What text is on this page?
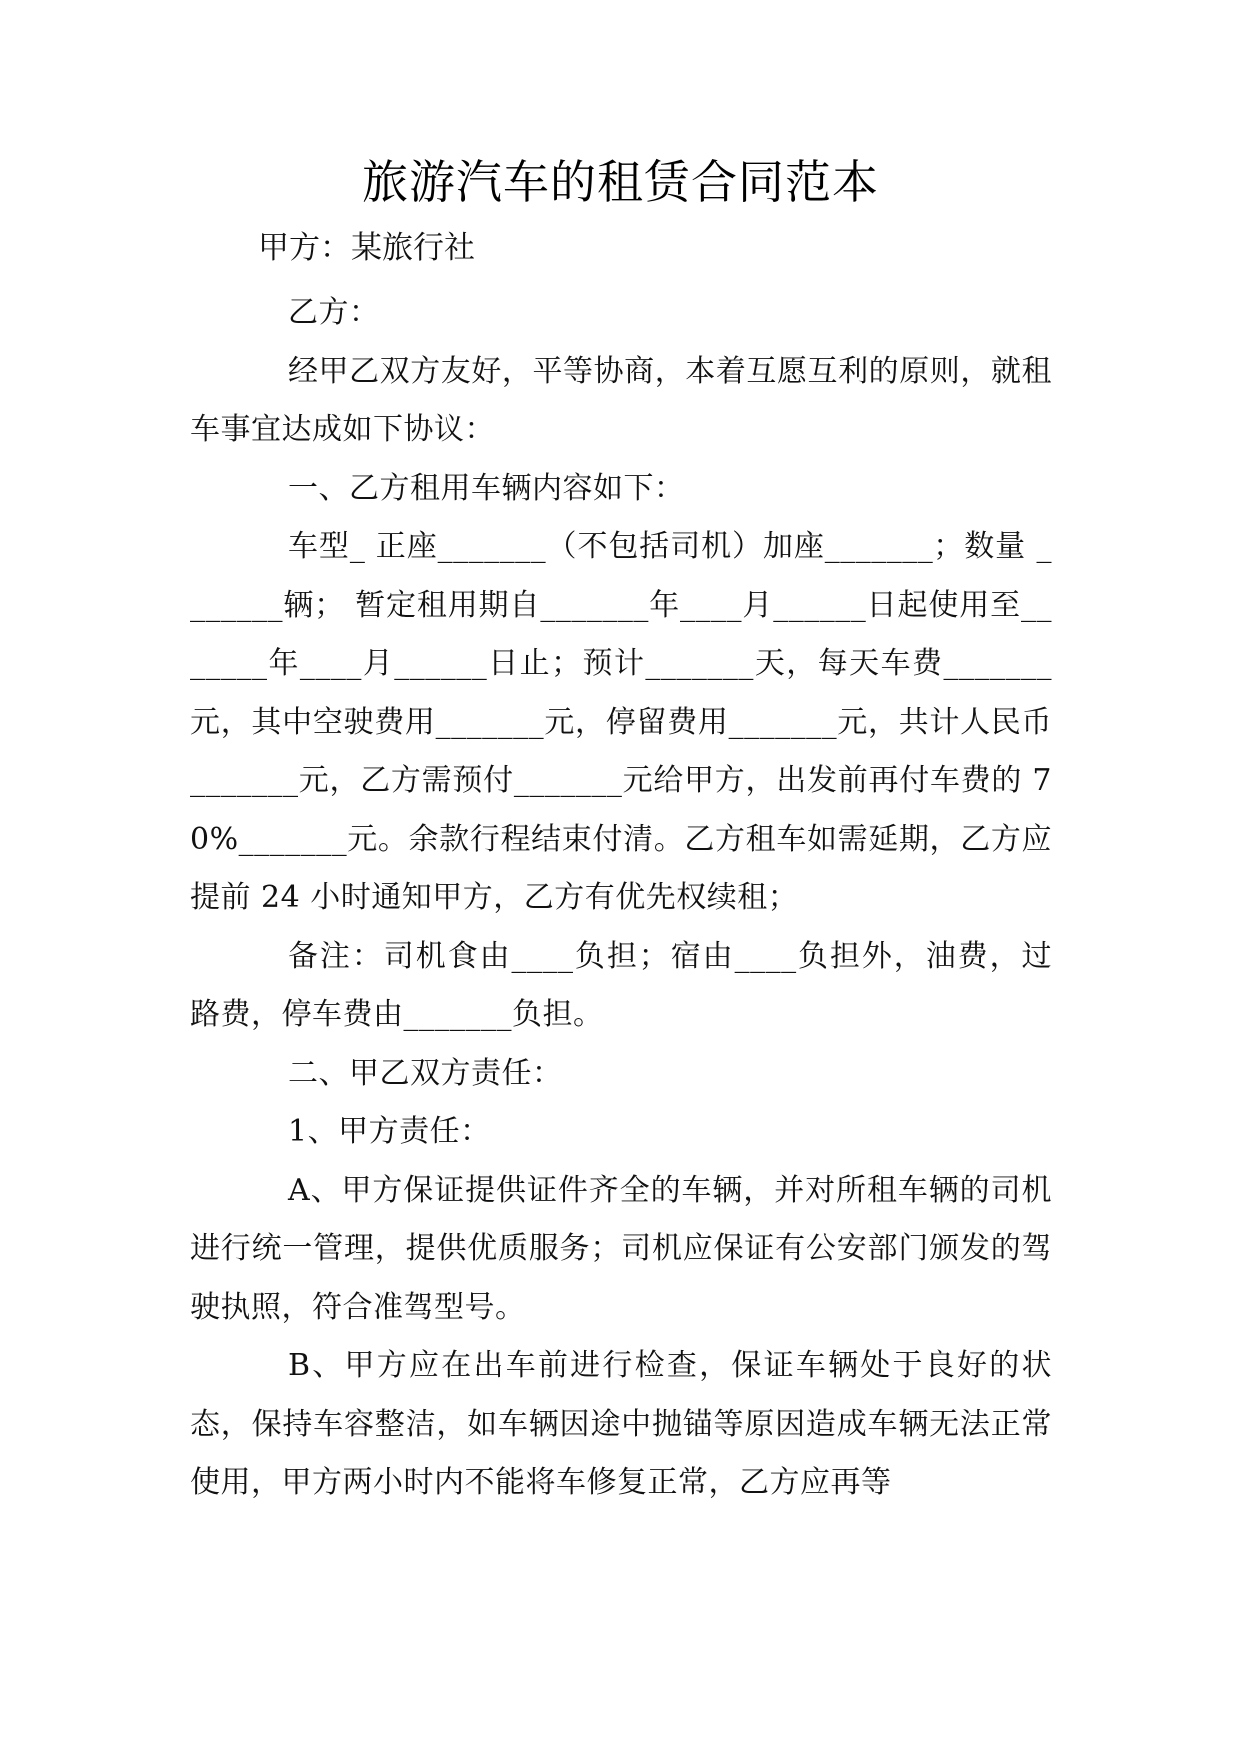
旅游汽车的租赁合同范本
甲方：某旅行社

乙方：

经甲乙双方友好，平等协商，本着互愿互利的原则，就租车事宜达成如下协议：

一、乙方租用车辆内容如下：

车型_ 正座_______（不包括司机）加座_______；数量 _______辆； 暂定租用期自_______年____月______日起使用至_______年____月______日止；预计_______天，每天车费_______元，其中空驶费用_______元，停留费用_______元，共计人民币_______元，乙方需预付_______元给甲方，出发前再付车费的 70%_______元。余款行程结束付清。乙方租车如需延期，乙方应提前 24 小时通知甲方，乙方有优先权续租；

备注：司机食由____负担；宿由____负担外，油费，过路费，停车费由_______负担。

二、甲乙双方责任：

1、甲方责任：

A、甲方保证提供证件齐全的车辆，并对所租车辆的司机进行统一管理，提供优质服务；司机应保证有公安部门颁发的驾驶执照，符合准驾型号。

B、甲方应在出车前进行检查，保证车辆处于良好的状态，保持车容整洁，如车辆因途中抛锚等原因造成车辆无法正常使用，甲方两小时内不能将车修复正常，乙方应再等
